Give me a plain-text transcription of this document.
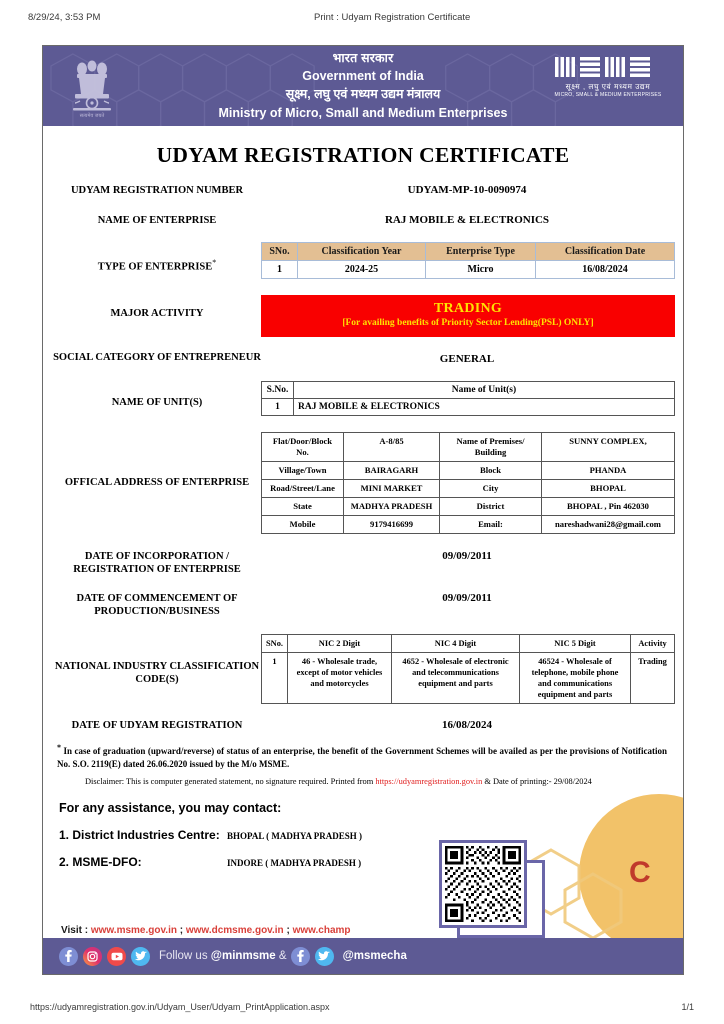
8/29/24, 3:53 PM	Print : Udyam Registration Certificate
सत्यमेव जयते
भारत सरकार
Government of India
सूक्ष्म, लघु एवं मध्यम उद्यम मंत्रालय
Ministry of Micro, Small and Medium Enterprises
सूक्ष्म , लघु एवं मध्यम उद्यम
MICRO, SMALL & MEDIUM ENTERPRISES
UDYAM REGISTRATION CERTIFICATE
UDYAM REGISTRATION NUMBER	UDYAM-MP-10-0090974
NAME OF ENTERPRISE	RAJ MOBILE & ELECTRONICS
TYPE OF ENTERPRISE*
SNo.	Classification Year	Enterprise Type	Classification Date
1	2024-25	Micro	16/08/2024
MAJOR ACTIVITY	TRADING
[For availing benefits of Priority Sector Lending(PSL) ONLY]
SOCIAL CATEGORY OF ENTREPRENEUR	GENERAL
NAME OF UNIT(S)
S.No.	Name of Unit(s)
1	RAJ MOBILE & ELECTRONICS
OFFICAL ADDRESS OF ENTERPRISE
Flat/Door/Block No.	A-8/85	Name of Premises/ Building	SUNNY COMPLEX,
Village/Town	BAIRAGARH	Block	PHANDA
Road/Street/Lane	MINI MARKET	City	BHOPAL
State	MADHYA PRADESH	District	BHOPAL , Pin 462030
Mobile	9179416699	Email:	nareshadwani28@gmail.com
DATE OF INCORPORATION / REGISTRATION OF ENTERPRISE
09/09/2011
DATE OF COMMENCEMENT OF PRODUCTION/BUSINESS
09/09/2011
NATIONAL INDUSTRY CLASSIFICATION CODE(S)
SNo.	NIC 2 Digit	NIC 4 Digit	NIC 5 Digit	Activity
1	46 - Wholesale trade, except of motor vehicles and motorcycles	4652 - Wholesale of electronic and telecommunications equipment and parts	46524 - Wholesale of telephone, mobile phone and communications equipment and parts	Trading
DATE OF UDYAM REGISTRATION	16/08/2024
* In case of graduation (upward/reverse) of status of an enterprise, the benefit of the Government Schemes will be availed as per the provisions of Notification No. S.O. 2119(E) dated 26.06.2020 issued by the M/o MSME.
Disclaimer: This is computer generated statement, no signature required. Printed from https://udyamregistration.gov.in & Date of printing:- 29/08/2024
For any assistance, you may contact:
1. District Industries Centre: BHOPAL ( MADHYA PRADESH )
2. MSME-DFO:	INDORE ( MADHYA PRADESH )	C
Visit : www.msme.gov.in ; www.dcmsme.gov.in ; www.champ
Follow us @minmsme &	@msmecha
https://udyamregistration.gov.in/Udyam_User/Udyam_PrintApplication.aspx	1/1
